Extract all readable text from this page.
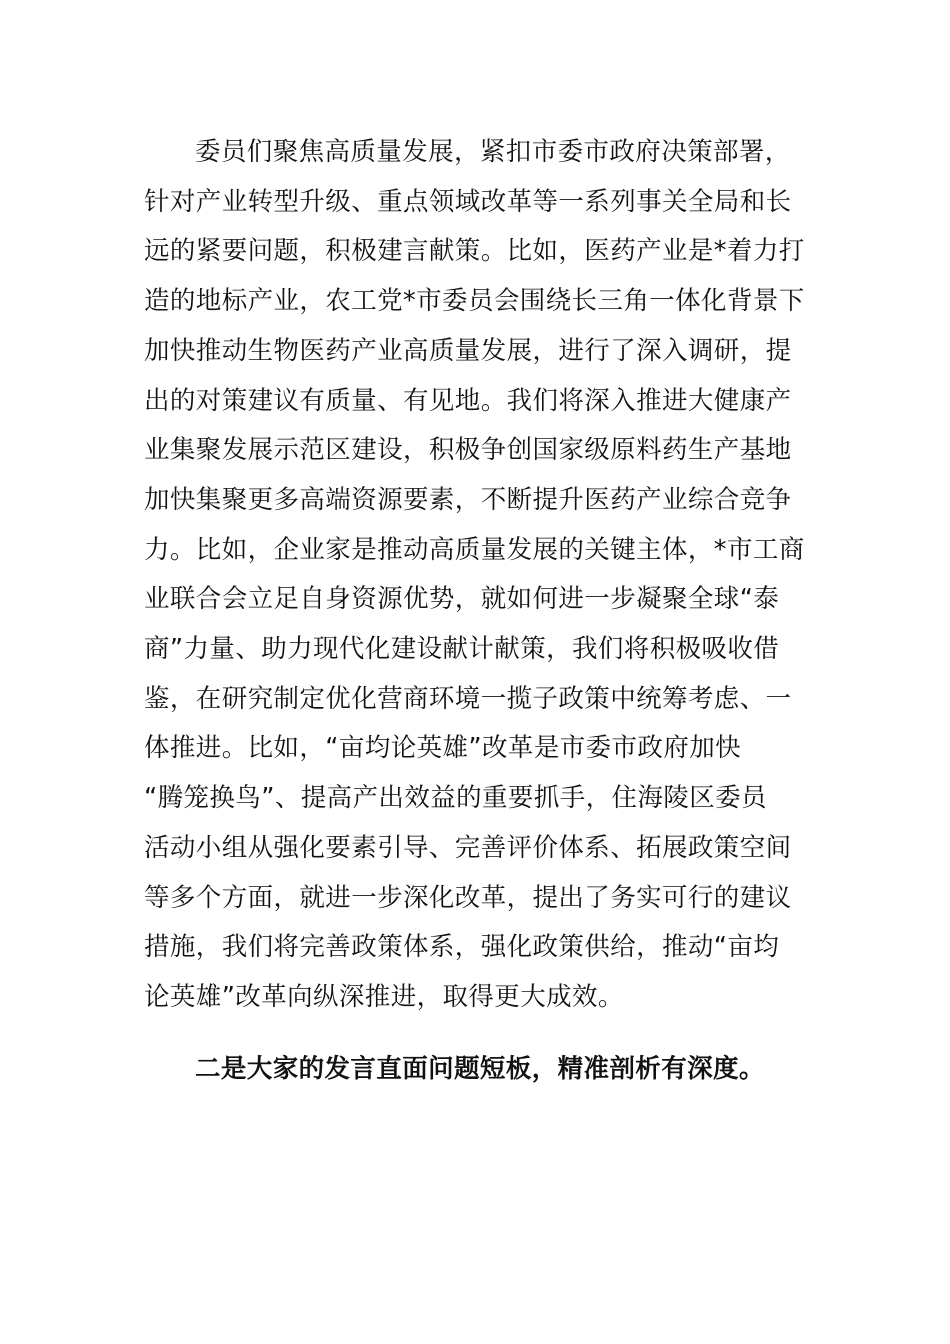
委员们聚焦高质量发展，紧扣市委市政府决策部署，
针对产业转型升级、重点领域改革等一系列事关全局和长
远的紧要问题，积极建言献策。比如，医药产业是*着力打
造的地标产业，农工党*市委员会围绕长三角一体化背景下
加快推动生物医药产业高质量发展，进行了深入调研，提
出的对策建议有质量、有见地。我们将深入推进大健康产
业集聚发展示范区建设，积极争创国家级原料药生产基地
加快集聚更多高端资源要素，不断提升医药产业综合竞争
力。比如，企业家是推动高质量发展的关键主体，*市工商
业联合会立足自身资源优势，就如何进一步凝聚全球“泰
商”力量、助力现代化建设献计献策，我们将积极吸收借
鉴，在研究制定优化营商环境一揽子政策中统筹考虑、一
体推进。比如，“亩均论英雄”改革是市委市政府加快
“腾笼换鸟”、提高产出效益的重要抓手，住海陵区委员
活动小组从强化要素引导、完善评价体系、拓展政策空间
等多个方面，就进一步深化改革，提出了务实可行的建议
措施，我们将完善政策体系，强化政策供给，推动“亩均
论英雄”改革向纵深推进，取得更大成效。

二是大家的发言直面问题短板，精准剖析有深度。
